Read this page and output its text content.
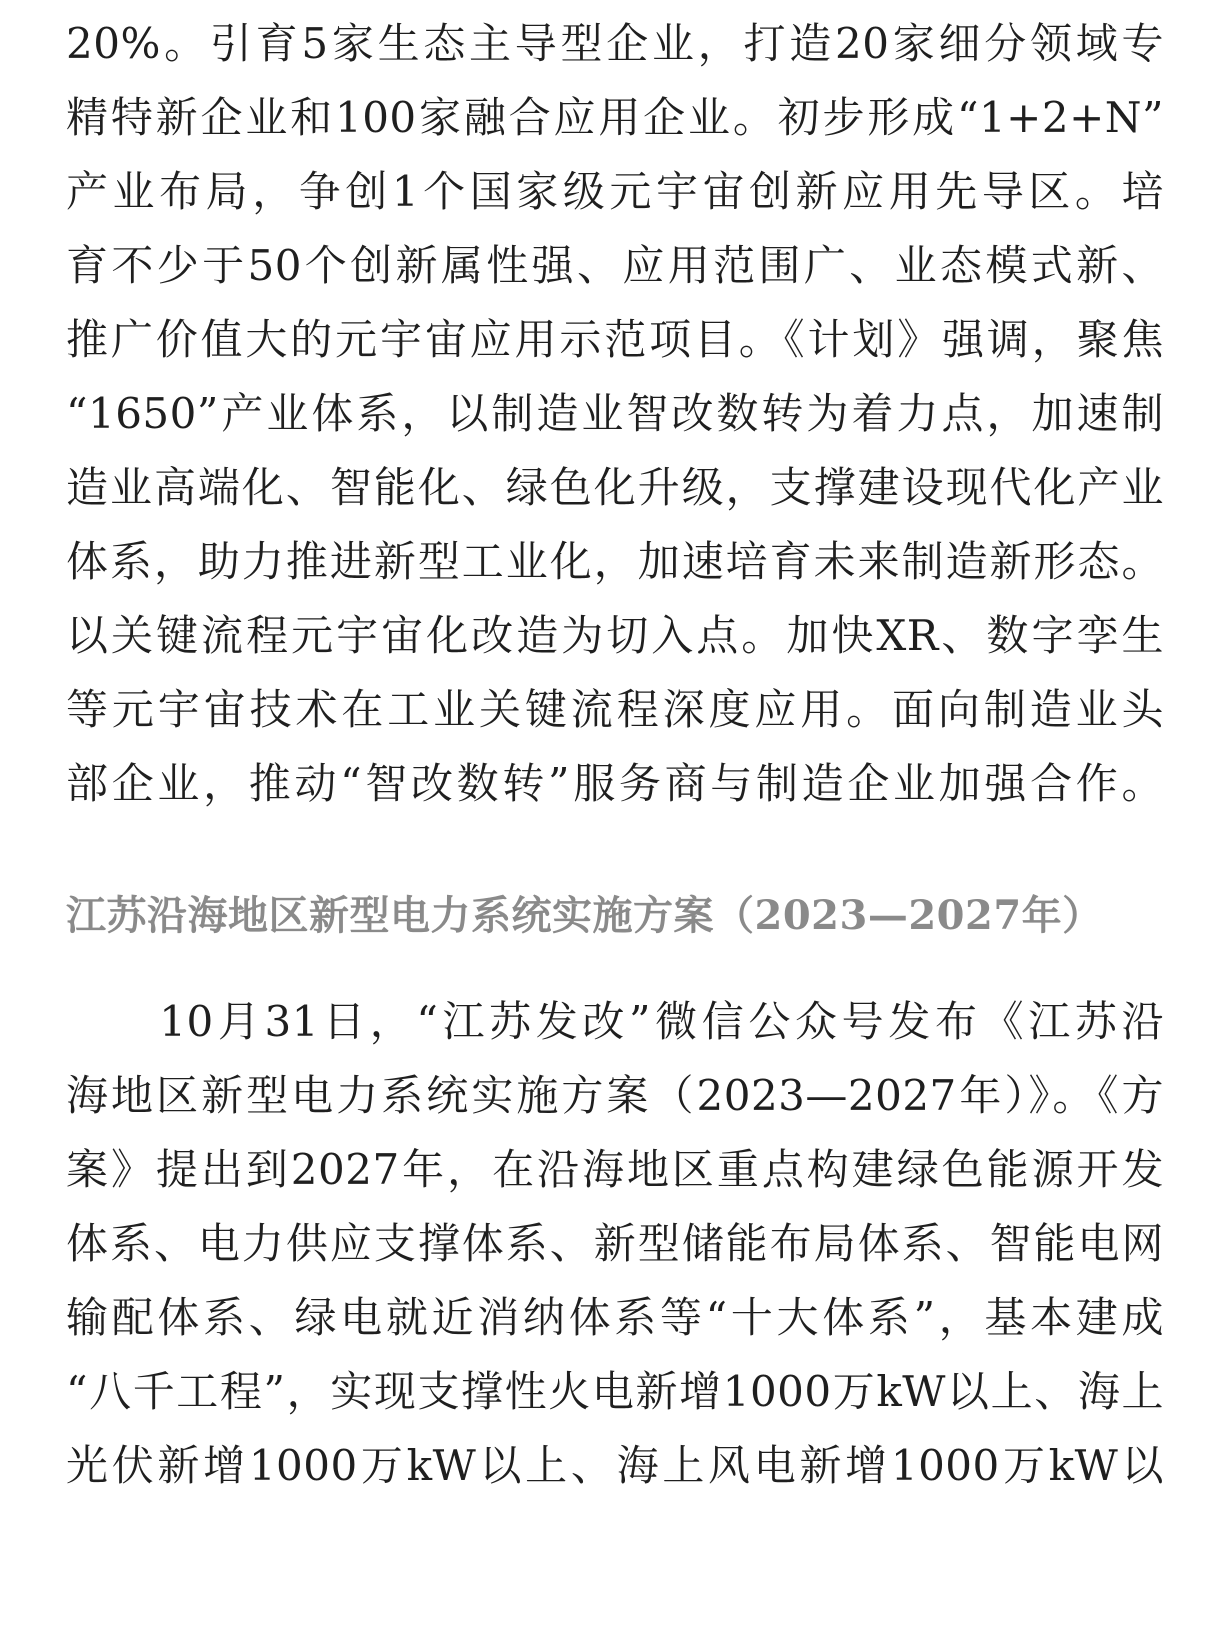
20%。引育5家生态主导型企业，打造20家细分领域专
精特新企业和100家融合应用企业。初步形成“1+2+N”
产业布局，争创1个国家级元宇宙创新应用先导区。培
育不少于50个创新属性强、应用范围广、业态模式新、
推广价值大的元宇宙应用示范项目。《计划》强调，聚焦
“1650”产业体系，以制造业智改数转为着力点，加速制
造业高端化、智能化、绿色化升级，支撑建设现代化产业
体系，助力推进新型工业化，加速培育未来制造新形态。
以关键流程元宇宙化改造为切入点。加快XR、数字孪生
等元宇宙技术在工业关键流程深度应用。面向制造业头
部企业，推动“智改数转”服务商与制造企业加强合作。
江苏沿海地区新型电力系统实施方案（2023—2027年）
　　10月31日，“江苏发改”微信公众号发布《江苏沿
海地区新型电力系统实施方案（2023—2027年）》。《方
案》提出到2027年，在沿海地区重点构建绿色能源开发
体系、电力供应支撑体系、新型储能布局体系、智能电网
输配体系、绿电就近消纳体系等“十大体系”，基本建成
“八千工程”，实现支撑性火电新增1000万kW以上、海上
光伏新增1000万kW以上、海上风电新增1000万kW以
